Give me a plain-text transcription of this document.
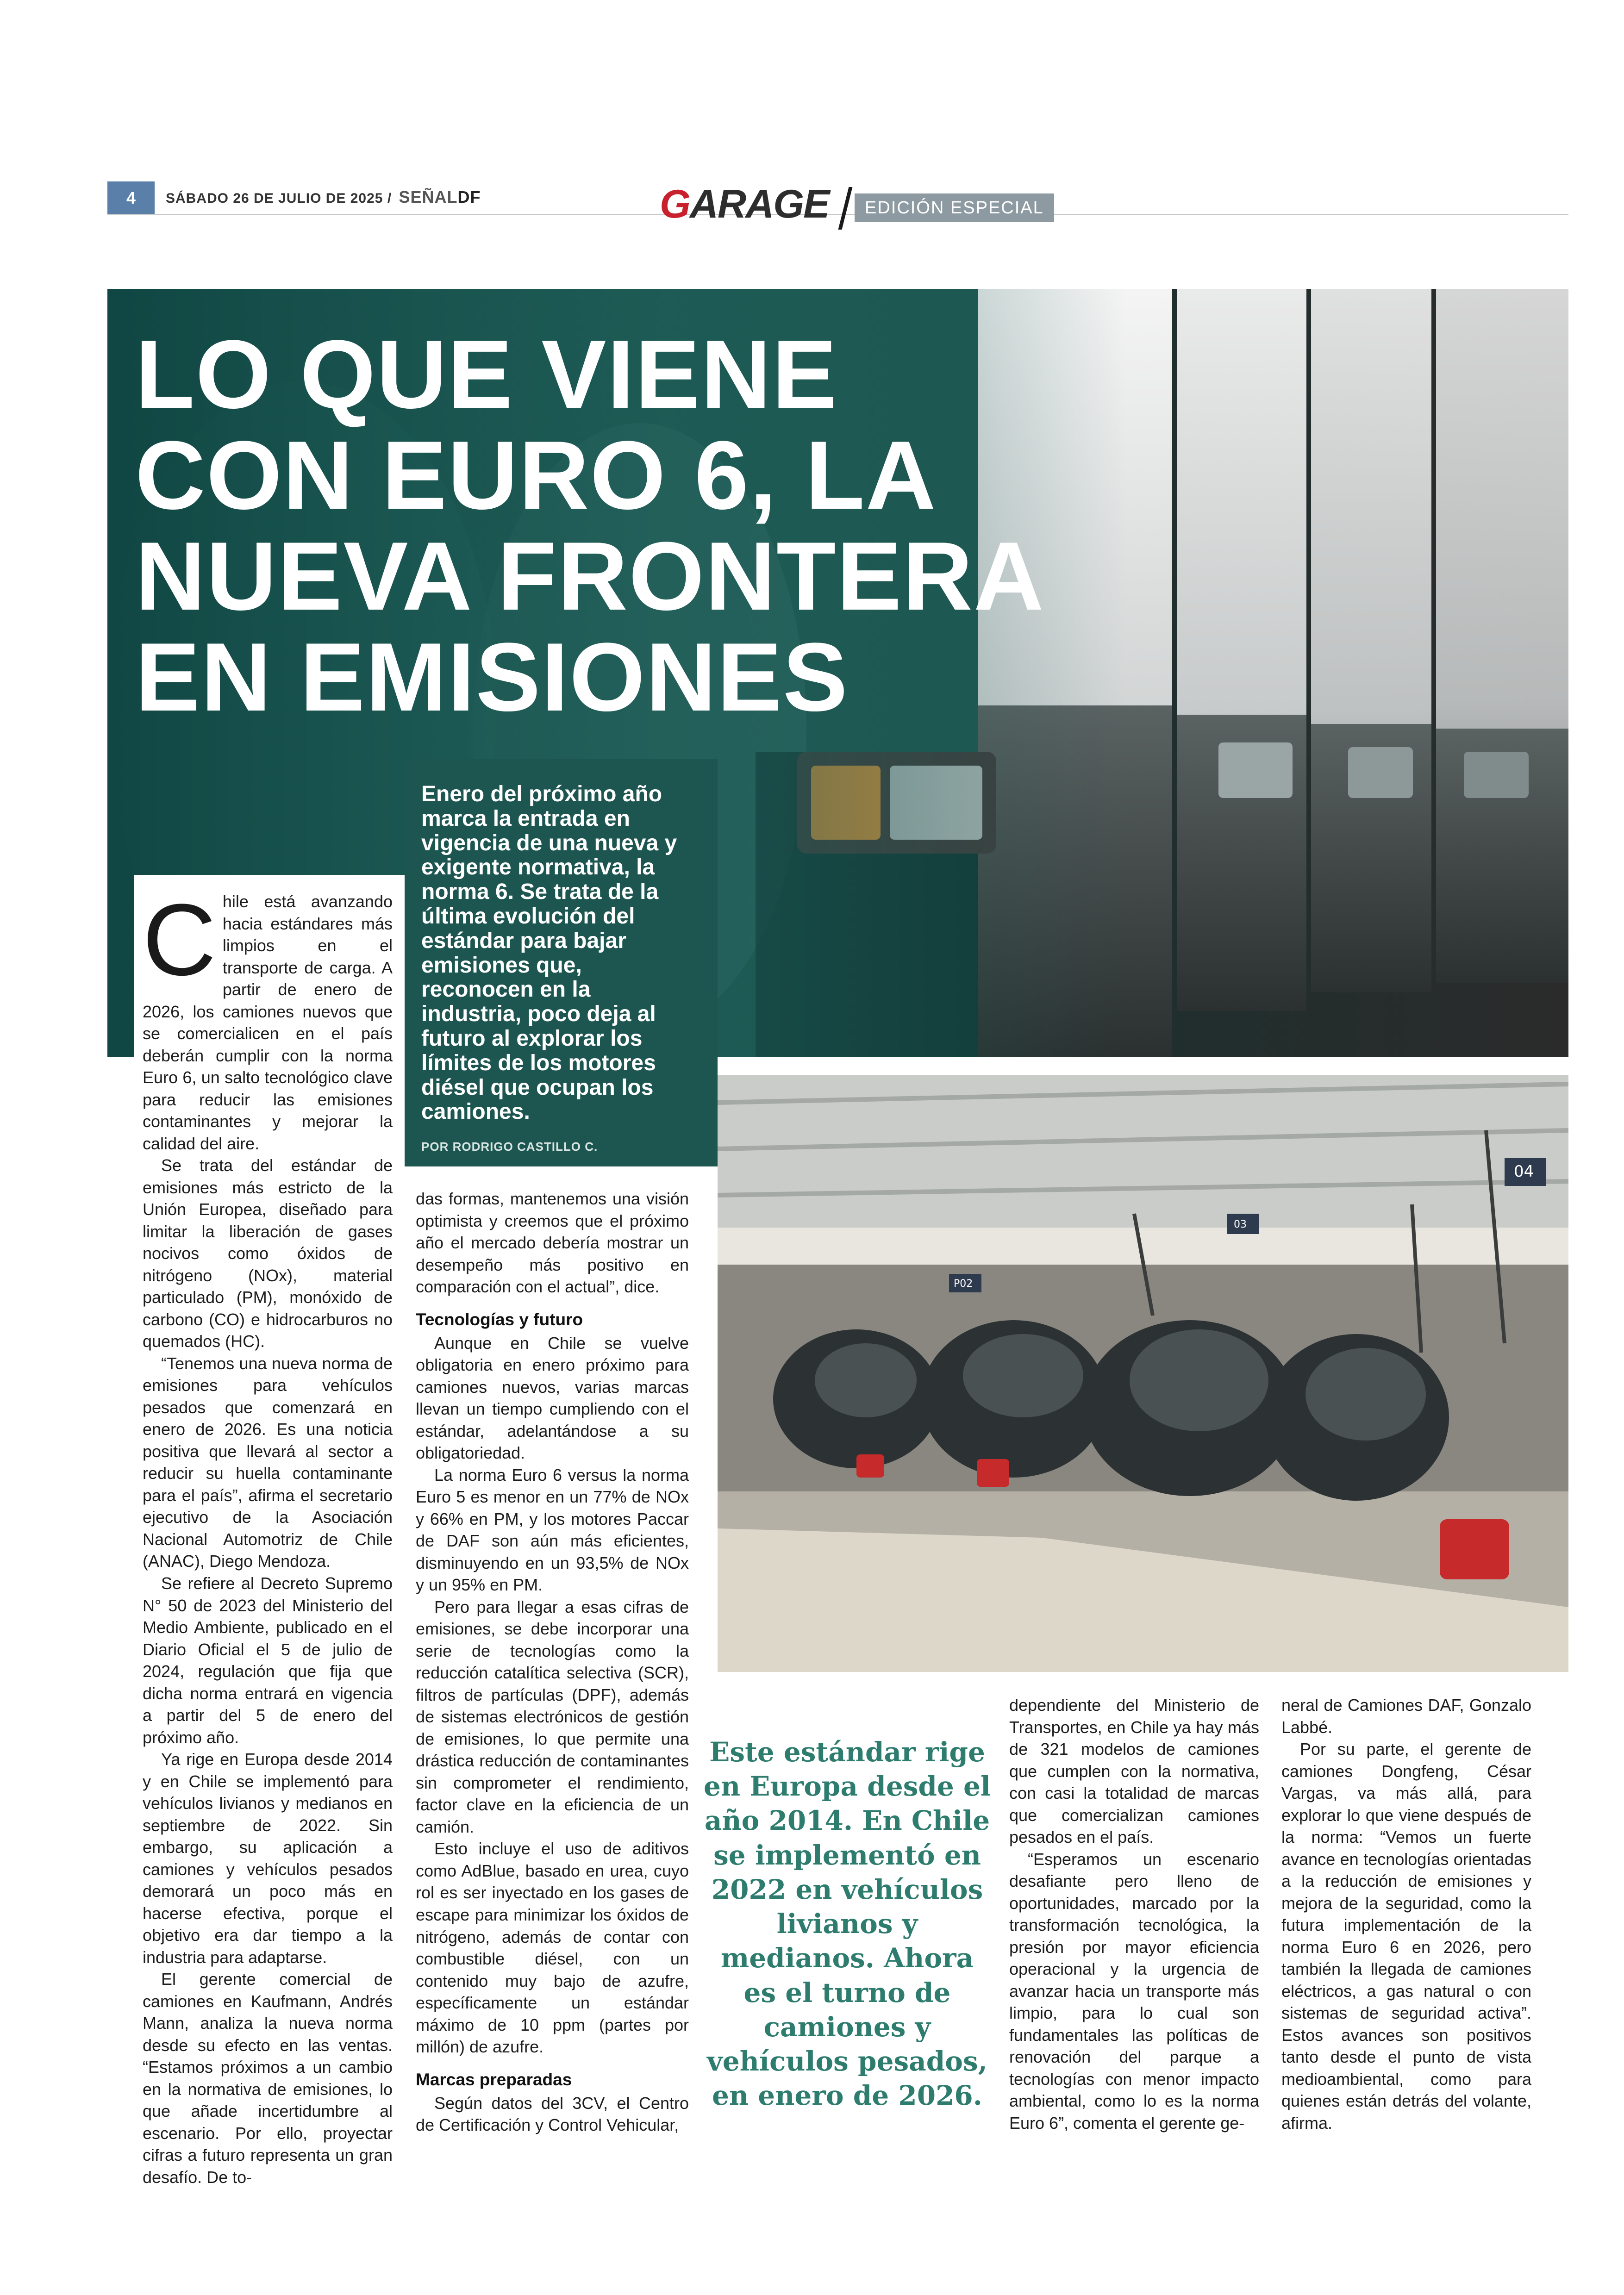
4	SÁBADO 26 DE JULIO DE 2025 / SEÑALDF	GARAGE	EDICIÓN ESPECIAL
LO QUE VIENE
CON EURO 6, LA
NUEVA FRONTERA
EN EMISIONES
Enero del próximo año marca la entrada en vigencia de una nueva y exigente normativa, la norma 6. Se trata de la última evolución del estándar para bajar emisiones que, reconocen en la industria, poco deja al futuro al explorar los límites de los motores diésel que ocupan los camiones.
POR RODRIGO CASTILLO C.

Chile está avanzando hacia estándares más limpios en el transporte de carga. A partir de enero de 2026, los camiones nuevos que se comercialicen en el país deberán cumplir con la norma Euro 6, un salto tecnológico clave para reducir las emisiones contaminantes y mejorar la calidad del aire.

Se trata del estándar de emisiones más estricto de la Unión Europea, diseñado para limitar la liberación de gases nocivos como óxidos de nitrógeno (NOx), material particulado (PM), monóxido de carbono (CO) e hidrocarburos no quemados (HC).

“Tenemos una nueva norma de emisiones para vehículos pesados que comenzará en enero de 2026. Es una noticia positiva que llevará al sector a reducir su huella contaminante para el país”, afirma el secretario ejecutivo de la Asociación Nacional Automotriz de Chile (ANAC), Diego Mendoza.

Se refiere al Decreto Supremo N° 50 de 2023 del Ministerio del Medio Ambiente, publicado en el Diario Oficial el 5 de julio de 2024, regulación que fija que dicha norma entrará en vigencia a partir del 5 de enero del próximo año.

Ya rige en Europa desde 2014 y en Chile se implementó para vehículos livianos y medianos en septiembre de 2022. Sin embargo, su aplicación a camiones y vehículos pesados demorará un poco más en hacerse efectiva, porque el objetivo era dar tiempo a la industria para adaptarse.

El gerente comercial de camiones en Kaufmann, Andrés Mann, analiza la nueva norma desde su efecto en las ventas. “Estamos próximos a un cambio en la normativa de emisiones, lo que añade incertidumbre al escenario. Por ello, proyectar cifras a futuro representa un gran desafío. De to-

das formas, mantenemos una visión optimista y creemos que el próximo año el mercado debería mostrar un desempeño más positivo en comparación con el actual”, dice.

Tecnologías y futuro

Aunque en Chile se vuelve obligatoria en enero próximo para camiones nuevos, varias marcas llevan un tiempo cumpliendo con el estándar, adelantándose a su obligatoriedad.

La norma Euro 6 versus la norma Euro 5 es menor en un 77% de NOx y 66% en PM, y los motores Paccar de DAF son aún más eficientes, disminuyendo en un 93,5% de NOx y un 95% en PM.

Pero para llegar a esas cifras de emisiones, se debe incorporar una serie de tecnologías como la reducción catalítica selectiva (SCR), filtros de partículas (DPF), además de sistemas electrónicos de gestión de emisiones, lo que permite una drástica reducción de contaminantes sin comprometer el rendimiento, factor clave en la eficiencia de un camión.

Esto incluye el uso de aditivos como AdBlue, basado en urea, cuyo rol es ser inyectado en los gases de escape para minimizar los óxidos de nitrógeno, además de contar con combustible diésel, con un contenido muy bajo de azufre, específicamente un estándar máximo de 10 ppm (partes por millón) de azufre.

Marcas preparadas

Según datos del 3CV, el Centro de Certificación y Control Vehicular,

P02
03
04
Este estándar rige en Europa desde el año 2014. En Chile se implementó en 2022 en vehículos livianos y medianos. Ahora es el turno de camiones y vehículos pesados, en enero de 2026.

dependiente del Ministerio de Transportes, en Chile ya hay más de 321 modelos de camiones que cumplen con la normativa, con casi la totalidad de marcas que comercializan camiones pesados en el país.

“Esperamos un escenario desafiante pero lleno de oportunidades, marcado por la transformación tecnológica, la presión por mayor eficiencia operacional y la urgencia de avanzar hacia un transporte más limpio, para lo cual son fundamentales las políticas de renovación del parque a tecnologías con menor impacto ambiental, como lo es la norma Euro 6”, comenta el gerente ge-

neral de Camiones DAF, Gonzalo Labbé.

Por su parte, el gerente de camiones Dongfeng, César Vargas, va más allá, para explorar lo que viene después de la norma: “Vemos un fuerte avance en tecnologías orientadas a la reducción de emisiones y mejora de la seguridad, como la futura implementación de la norma Euro 6 en 2026, pero también la llegada de camiones eléctricos, a gas natural o con sistemas de seguridad activa”. Estos avances son positivos tanto desde el punto de vista medioambiental, como para quienes están detrás del volante, afirma.
